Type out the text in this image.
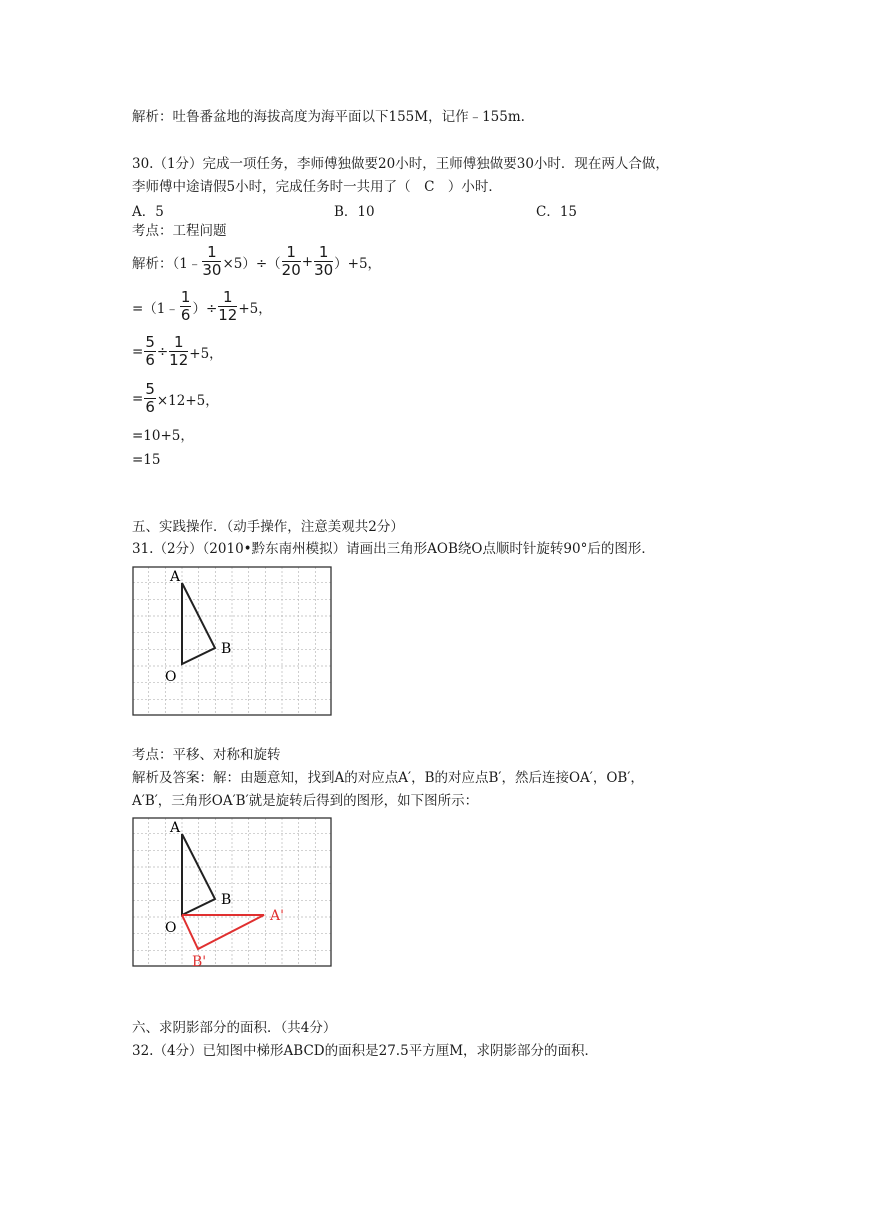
解析：吐鲁番盆地的海拔高度为海平面以下155M，记作﹣155m.
30.（1分）完成一项任务，李师傅独做要20小时，王师傅独做要30小时．现在两人合做，
李师傅中途请假5小时，完成任务时一共用了（　C　）小时．
A．5	B．10	C．15
考点：工程问题
解析：（1﹣ $\frac{1}{30} \times 5)\div( \frac{1}{20} + \frac{1}{30} )+5$，
=（1﹣ $\frac{1}{6}$ ）÷ $\frac{1}{12} +5$，
= $\frac{5}{6} \div \frac{1}{12} +5$，
= $\frac{5}{6} \times 12+5$，
=10+5，
=15
五、实践操作．（动手操作，注意美观共2分）
31.（2分）（2010•黔东南州模拟）请画出三角形AOB绕O点顺时针旋转90°后的图形．
A
B
O
考点：平移、对称和旋转
解析及答案：解：由题意知，找到A的对应点A′，B的对应点B′，然后连接OA′，OB′，
A′B′，三角形OA′B′就是旋转后得到的图形，如下图所示：
A
B
O
A'
B'
六、求阴影部分的面积．（共4分）
32.（4分）已知图中梯形ABCD的面积是27.5平方厘M，求阴影部分的面积．
